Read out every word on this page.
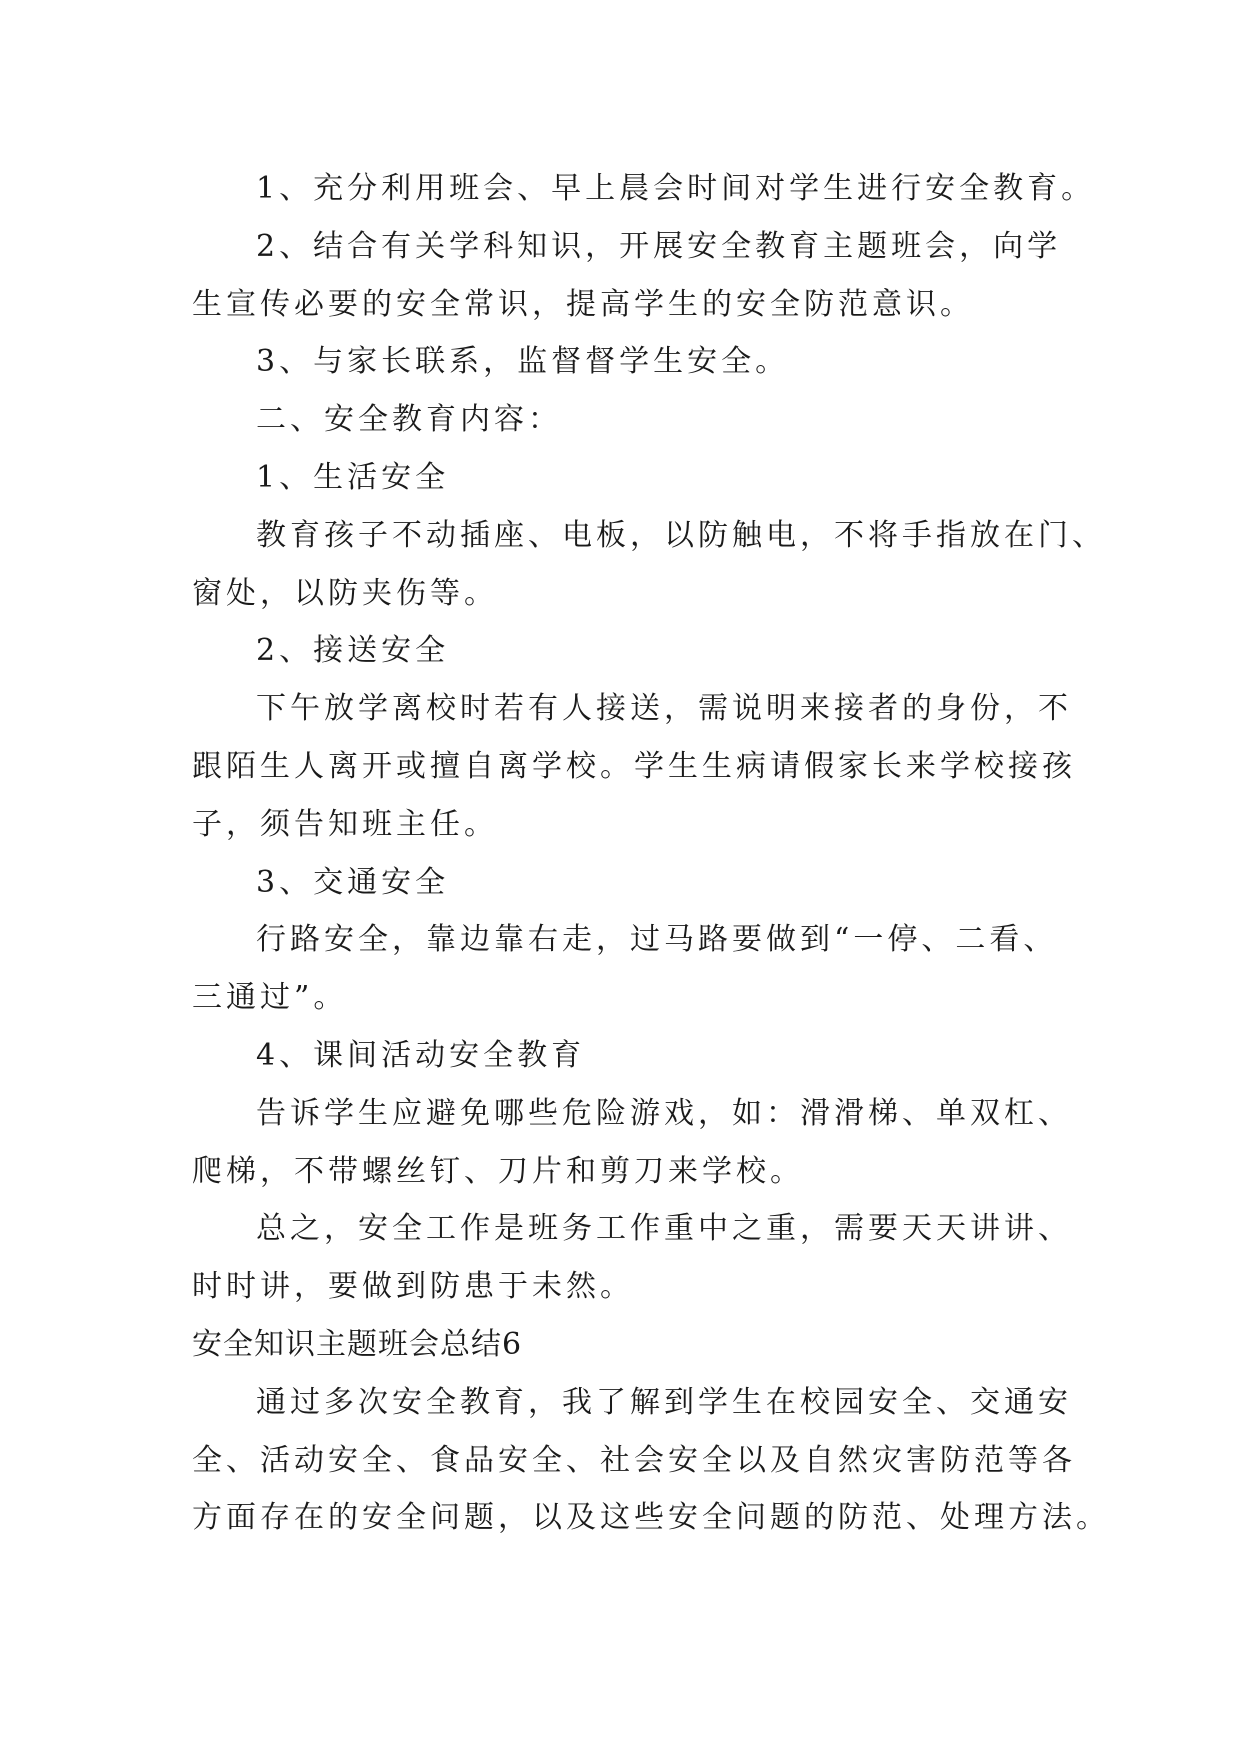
1、充分利用班会、早上晨会时间对学生进行安全教育。
2、结合有关学科知识，开展安全教育主题班会，向学
生宣传必要的安全常识，提高学生的安全防范意识。
3、与家长联系，监督督学生安全。
二、安全教育内容：
1、生活安全
教育孩子不动插座、电板，以防触电，不将手指放在门、
窗处，以防夹伤等。
2、接送安全
下午放学离校时若有人接送，需说明来接者的身份，不
跟陌生人离开或擅自离学校。学生生病请假家长来学校接孩
子，须告知班主任。
3、交通安全
行路安全，靠边靠右走，过马路要做到“一停、二看、
三通过”。
4、课间活动安全教育
告诉学生应避免哪些危险游戏，如：滑滑梯、单双杠、
爬梯，不带螺丝钉、刀片和剪刀来学校。
总之，安全工作是班务工作重中之重，需要天天讲讲、
时时讲，要做到防患于未然。
安全知识主题班会总结6
通过多次安全教育，我了解到学生在校园安全、交通安
全、活动安全、食品安全、社会安全以及自然灾害防范等各
方面存在的安全问题，以及这些安全问题的防范、处理方法。
